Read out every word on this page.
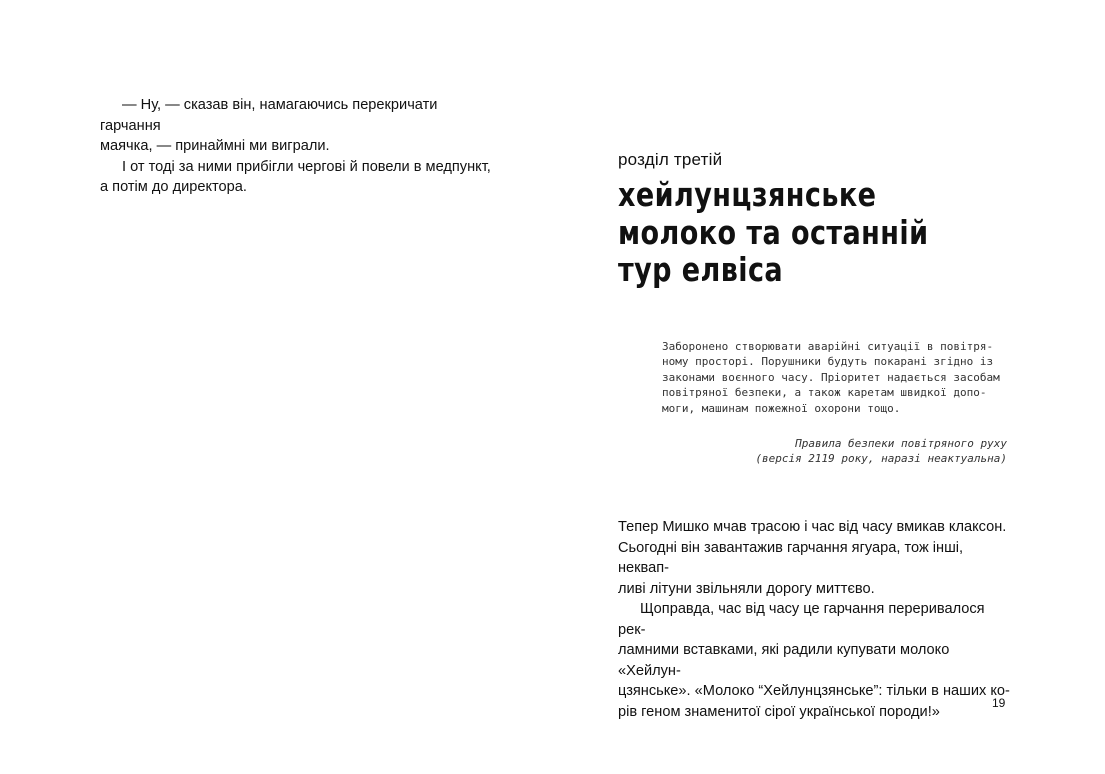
— Ну, — сказав він, намагаючись перекричати гарчання

маячка, — принаймні ми виграли.

І от тоді за ними прибігли чергові й повели в медпункт,

а потім до директора.

розділ третій

хейлунцзянське
молоко та останній
тур елвіса
Заборонено створювати аварійні ситуації в повітря-
ному просторі. Порушники будуть покарані згідно із
законами воєнного часу. Пріоритет надається засобам
повітряної безпеки, а також каретам швидкої допо-
моги, машинам пожежної охорони тощо.
Правила безпеки повітряного руху
(версія 2119 року, наразі неактуальна)

Тепер Мишко мчав трасою і час від часу вмикав клаксон.

Сьогодні він завантажив гарчання ягуара, тож інші, неквап-

ливі літуни звільняли дорогу миттєво.

Щоправда, час від часу це гарчання переривалося рек-

ламними вставками, які радили купувати молоко «Хейлун-

цзянське». «Молоко “Хейлунцзянське”: тільки в наших ко-

рів геном знаменитої сірої української породи!»

19
